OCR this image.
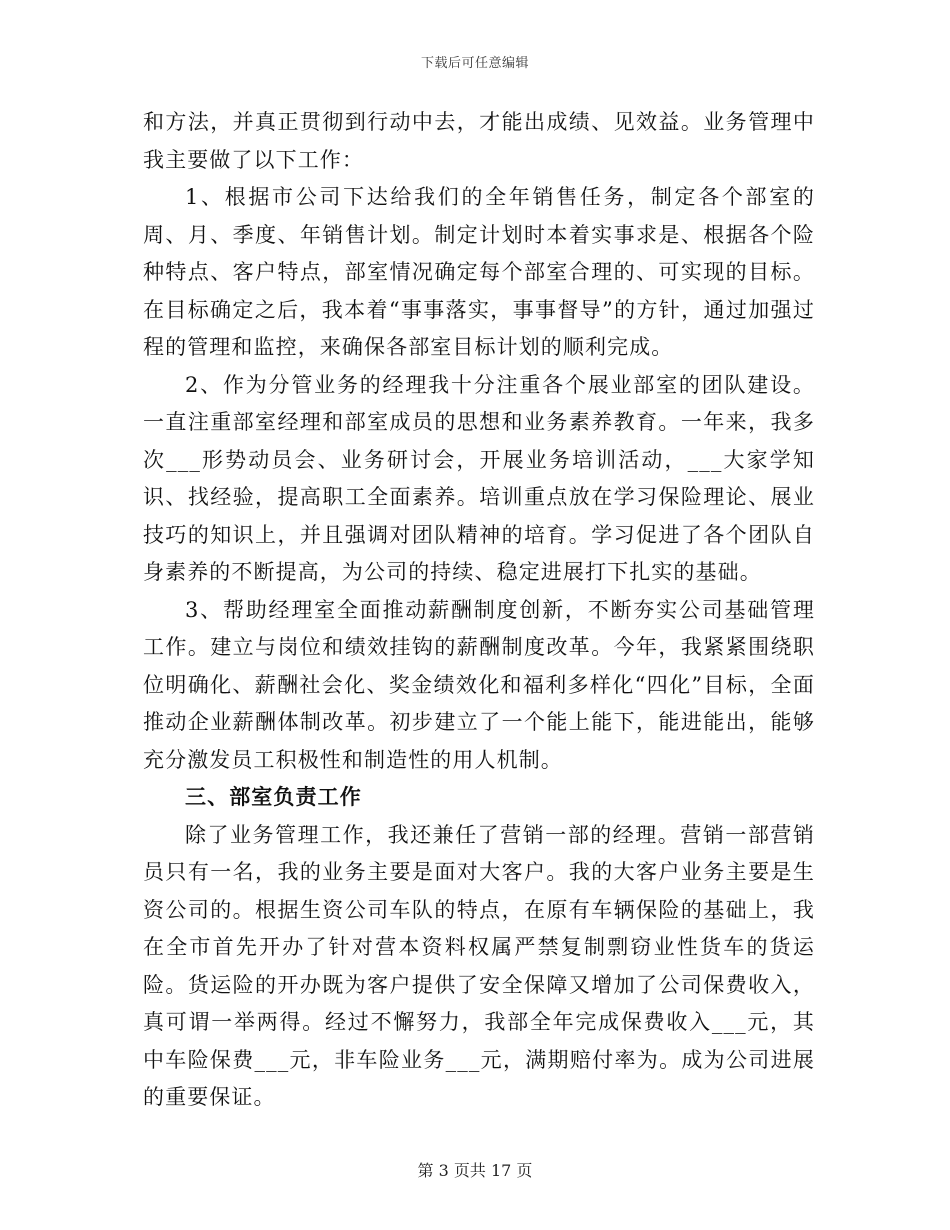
下载后可任意编辑

和方法，并真正贯彻到行动中去，才能出成绩、见效益。业务管理中我主要做了以下工作：

1、根据市公司下达给我们的全年销售任务，制定各个部室的周、月、季度、年销售计划。制定计划时本着实事求是、根据各个险种特点、客户特点，部室情况确定每个部室合理的、可实现的目标。在目标确定之后，我本着“事事落实，事事督导”的方针，通过加强过程的管理和监控，来确保各部室目标计划的顺利完成。

2、作为分管业务的经理我十分注重各个展业部室的团队建设。一直注重部室经理和部室成员的思想和业务素养教育。一年来，我多次___形势动员会、业务研讨会，开展业务培训活动，___大家学知识、找经验，提高职工全面素养。培训重点放在学习保险理论、展业技巧的知识上，并且强调对团队精神的培育。学习促进了各个团队自身素养的不断提高，为公司的持续、稳定进展打下扎实的基础。

3、帮助经理室全面推动薪酬制度创新，不断夯实公司基础管理工作。建立与岗位和绩效挂钩的薪酬制度改革。今年，我紧紧围绕职位明确化、薪酬社会化、奖金绩效化和福利多样化“四化”目标，全面推动企业薪酬体制改革。初步建立了一个能上能下，能进能出，能够充分激发员工积极性和制造性的用人机制。

三、部室负责工作

除了业务管理工作，我还兼任了营销一部的经理。营销一部营销员只有一名，我的业务主要是面对大客户。我的大客户业务主要是生资公司的。根据生资公司车队的特点，在原有车辆保险的基础上，我在全市首先开办了针对营本资料权属严禁复制剽窃业性货车的货运险。货运险的开办既为客户提供了安全保障又增加了公司保费收入，真可谓一举两得。经过不懈努力，我部全年完成保费收入___元，其中车险保费___元，非车险业务___元，满期赔付率为。成为公司进展的重要保证。

第 3 页共 17 页
